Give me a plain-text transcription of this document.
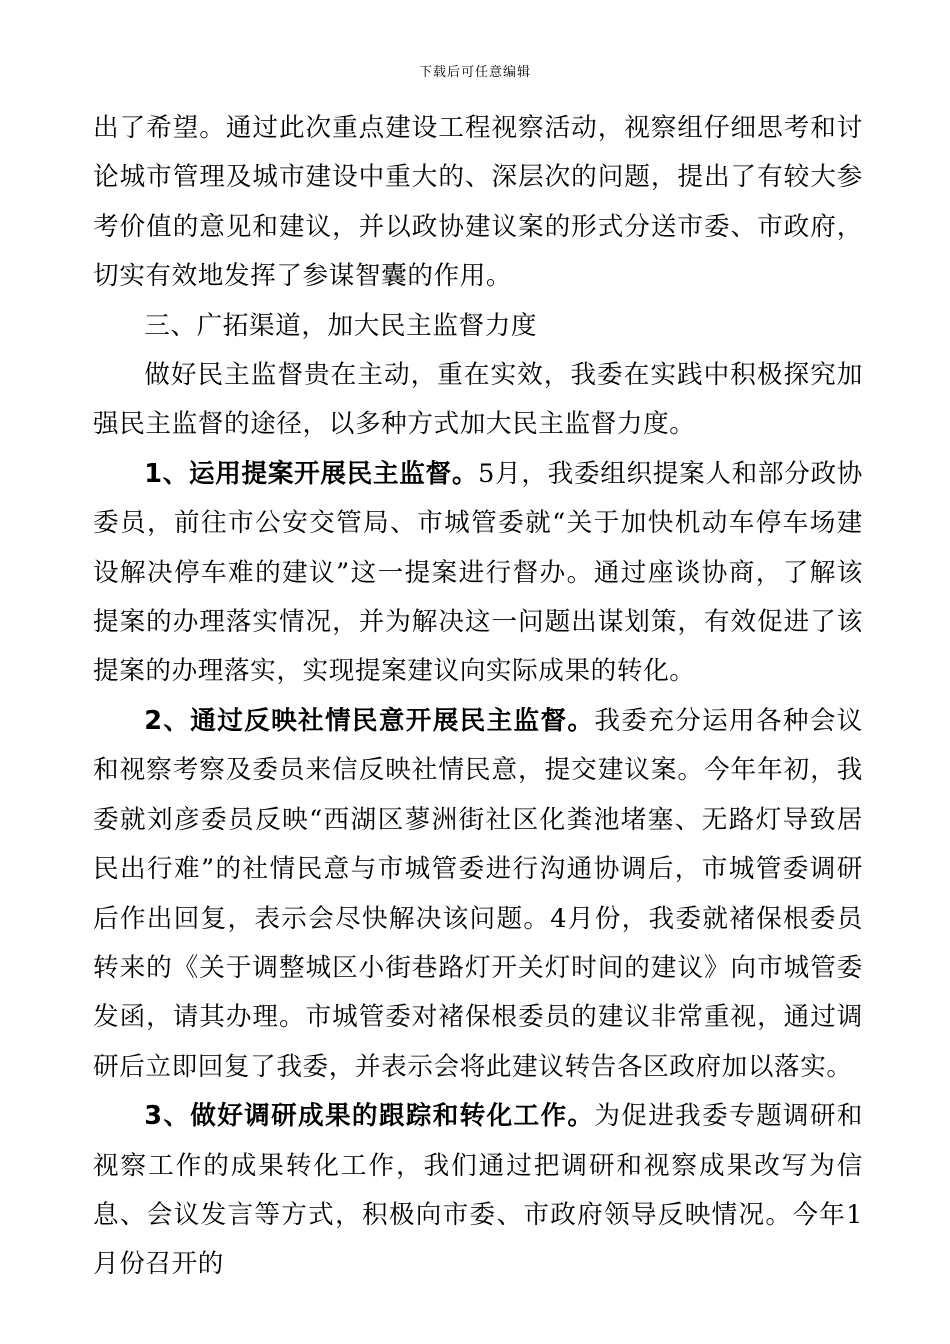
下载后可任意编辑

出了希望。通过此次重点建设工程视察活动，视察组仔细思考和讨论城市管理及城市建设中重大的、深层次的问题，提出了有较大参考价值的意见和建议，并以政协建议案的形式分送市委、市政府，切实有效地发挥了参谋智囊的作用。

三、广拓渠道，加大民主监督力度

做好民主监督贵在主动，重在实效，我委在实践中积极探究加强民主监督的途径，以多种方式加大民主监督力度。

1、运用提案开展民主监督。5月，我委组织提案人和部分政协委员，前往市公安交管局、市城管委就“关于加快机动车停车场建设解决停车难的建议”这一提案进行督办。通过座谈协商，了解该提案的办理落实情况，并为解决这一问题出谋划策，有效促进了该提案的办理落实，实现提案建议向实际成果的转化。

2、通过反映社情民意开展民主监督。我委充分运用各种会议和视察考察及委员来信反映社情民意，提交建议案。今年年初，我委就刘彦委员反映“西湖区蓼洲街社区化粪池堵塞、无路灯导致居民出行难”的社情民意与市城管委进行沟通协调后，市城管委调研后作出回复，表示会尽快解决该问题。4月份，我委就褚保根委员转来的《关于调整城区小街巷路灯开关灯时间的建议》向市城管委发函，请其办理。市城管委对褚保根委员的建议非常重视，通过调研后立即回复了我委，并表示会将此建议转告各区政府加以落实。

3、做好调研成果的跟踪和转化工作。为促进我委专题调研和视察工作的成果转化工作，我们通过把调研和视察成果改写为信息、会议发言等方式，积极向市委、市政府领导反映情况。今年1月份召开的
